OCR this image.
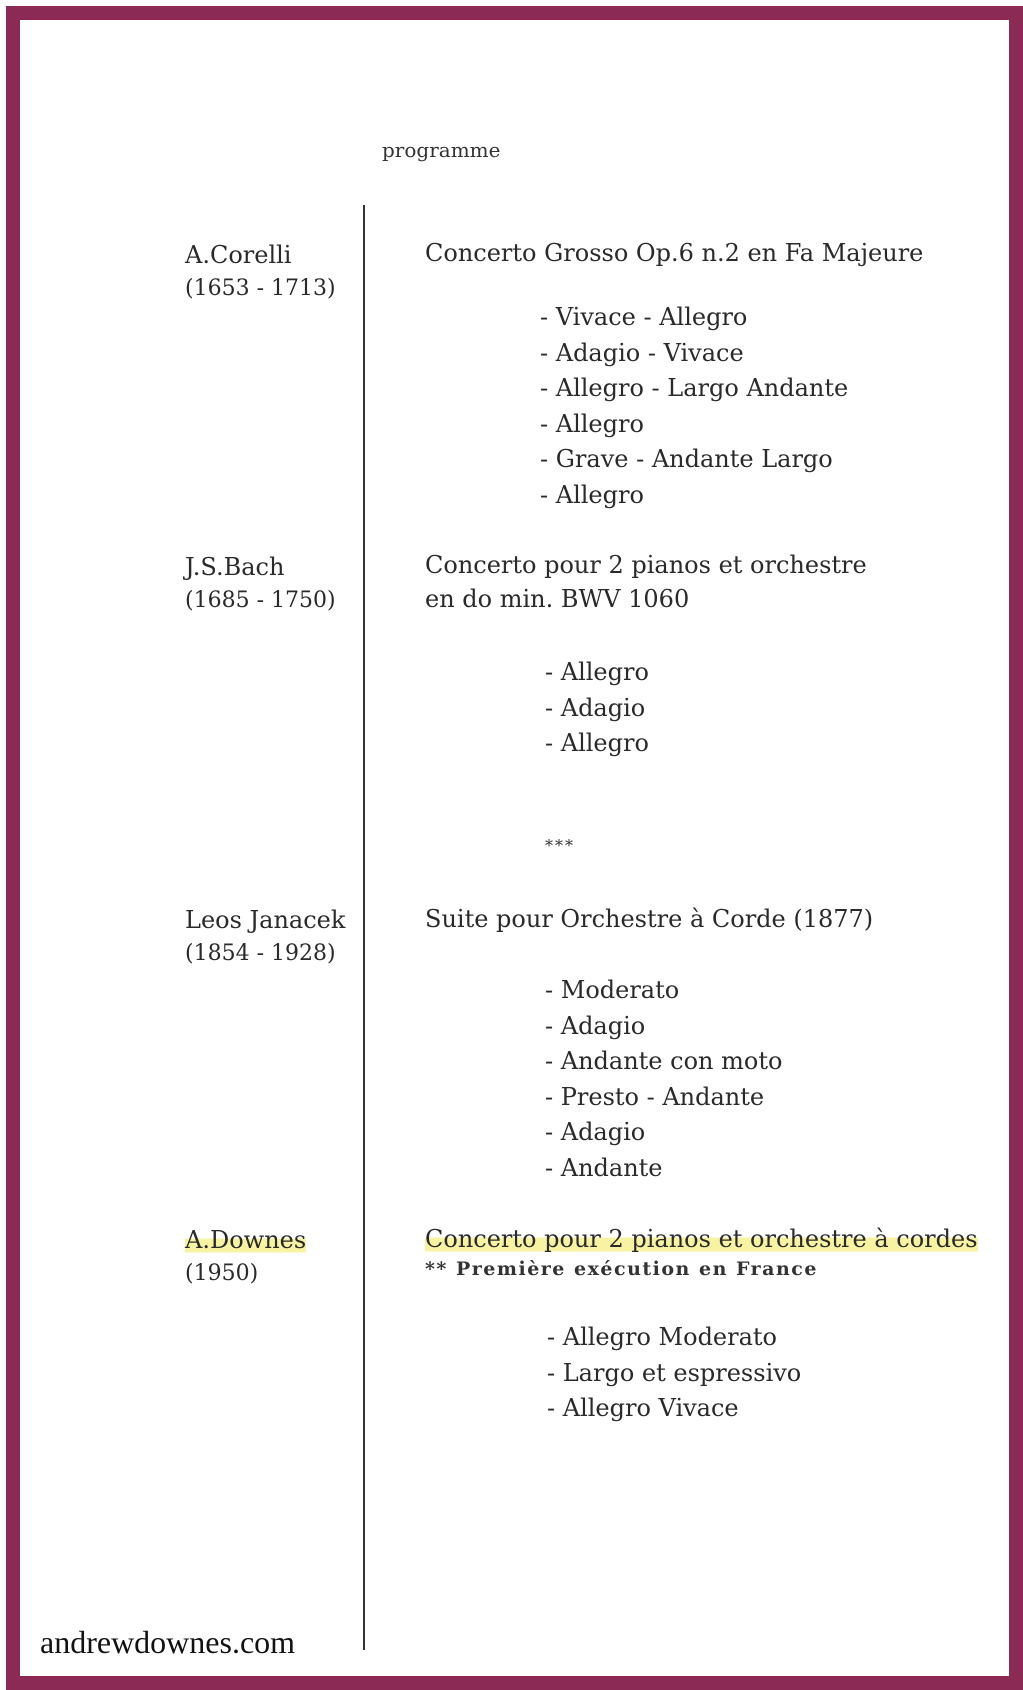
programme
A.Corelli
(1653 - 1713)
Concerto Grosso Op.6 n.2 en Fa Majeure
- Vivace - Allegro
- Adagio - Vivace
- Allegro - Largo Andante
- Allegro
- Grave - Andante Largo
- Allegro
J.S.Bach
(1685 - 1750)
Concerto pour 2 pianos et orchestre
en do min. BWV 1060
- Allegro
- Adagio
- Allegro
***
Leos Janacek
(1854 - 1928)
Suite pour Orchestre à Corde (1877)
- Moderato
- Adagio
- Andante con moto
- Presto - Andante
- Adagio
- Andante
A.Downes
(1950)
Concerto pour 2 pianos et orchestre à cordes
** Première exécution en France
- Allegro Moderato
- Largo et espressivo
- Allegro Vivace
andrewdownes.com
